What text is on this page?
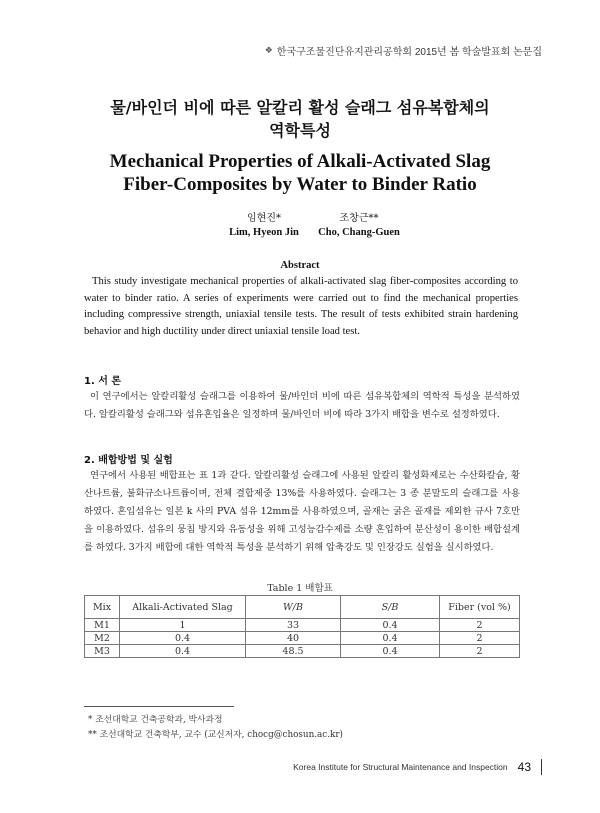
❖ 한국구조물진단유지관리공학회 2015년 봄 학술발표회 논문집
물/바인더 비에 따른 알칼리 활성 슬래그 섬유복합체의
역학특성
Mechanical Properties of Alkali-Activated Slag
Fiber-Composites by Water to Binder Ratio
임현진*
Lim, Hyeon Jin
조창근**
Cho, Chang-Guen
Abstract
This study investigate mechanical properties of alkali-activated slag fiber-composites according to water to binder ratio. A series of experiments were carried out to find the mechanical properties including compressive strength, uniaxial tensile tests. The result of tests exhibited strain hardening behavior and high ductility under direct uniaxial tensile load test.
1. 서 론
이 연구에서는 알칼리활성 슬래그를 이용하여 물/바인더 비에 따른 섬유복합체의 역학적 특성을 분석하였다. 알칼리활성 슬래그와 섬유혼입율은 일정하며 물/바인더 비에 따라 3가지 배합을 변수로 설정하였다.
2. 배합방법 및 실험
연구에서 사용된 배합표는 표 1과 같다. 알칼리활성 슬래그에 사용된 알칼리 활성화제로는 수산화칼슘, 황산나트륨, 불화규소나트륨이며, 전체 결합제중 13%를 사용하였다. 슬래그는 3 종 분말도의 슬래그를 사용하였다. 혼입섬유는 일본 k 사의 PVA 섬유 12mm를 사용하였으며, 골재는 굵은 골재를 제외한 규사 7호만을 이용하였다. 섬유의 뭉침 방지와 유동성을 위해 고성능감수제를 소량 혼입하여 분산성이 용이한 배합설계를 하였다. 3가지 배합에 대한 역학적 특성을 분석하기 위해 압축강도 및 인장강도 실험을 실시하였다.
Table 1 배합표
Mix	Alkali-Activated Slag	W/B	S/B	Fiber (vol %)
M1	1	33	0.4	2
M2	0.4	40	0.4	2
M3	0.4	48.5	0.4	2
* 조선대학교 건축공학과, 박사과정
** 조선대학교 건축학부, 교수 (교신저자, chocg@chosun.ac.kr)
Korea Institute for Structural Maintenance and Inspection 43
